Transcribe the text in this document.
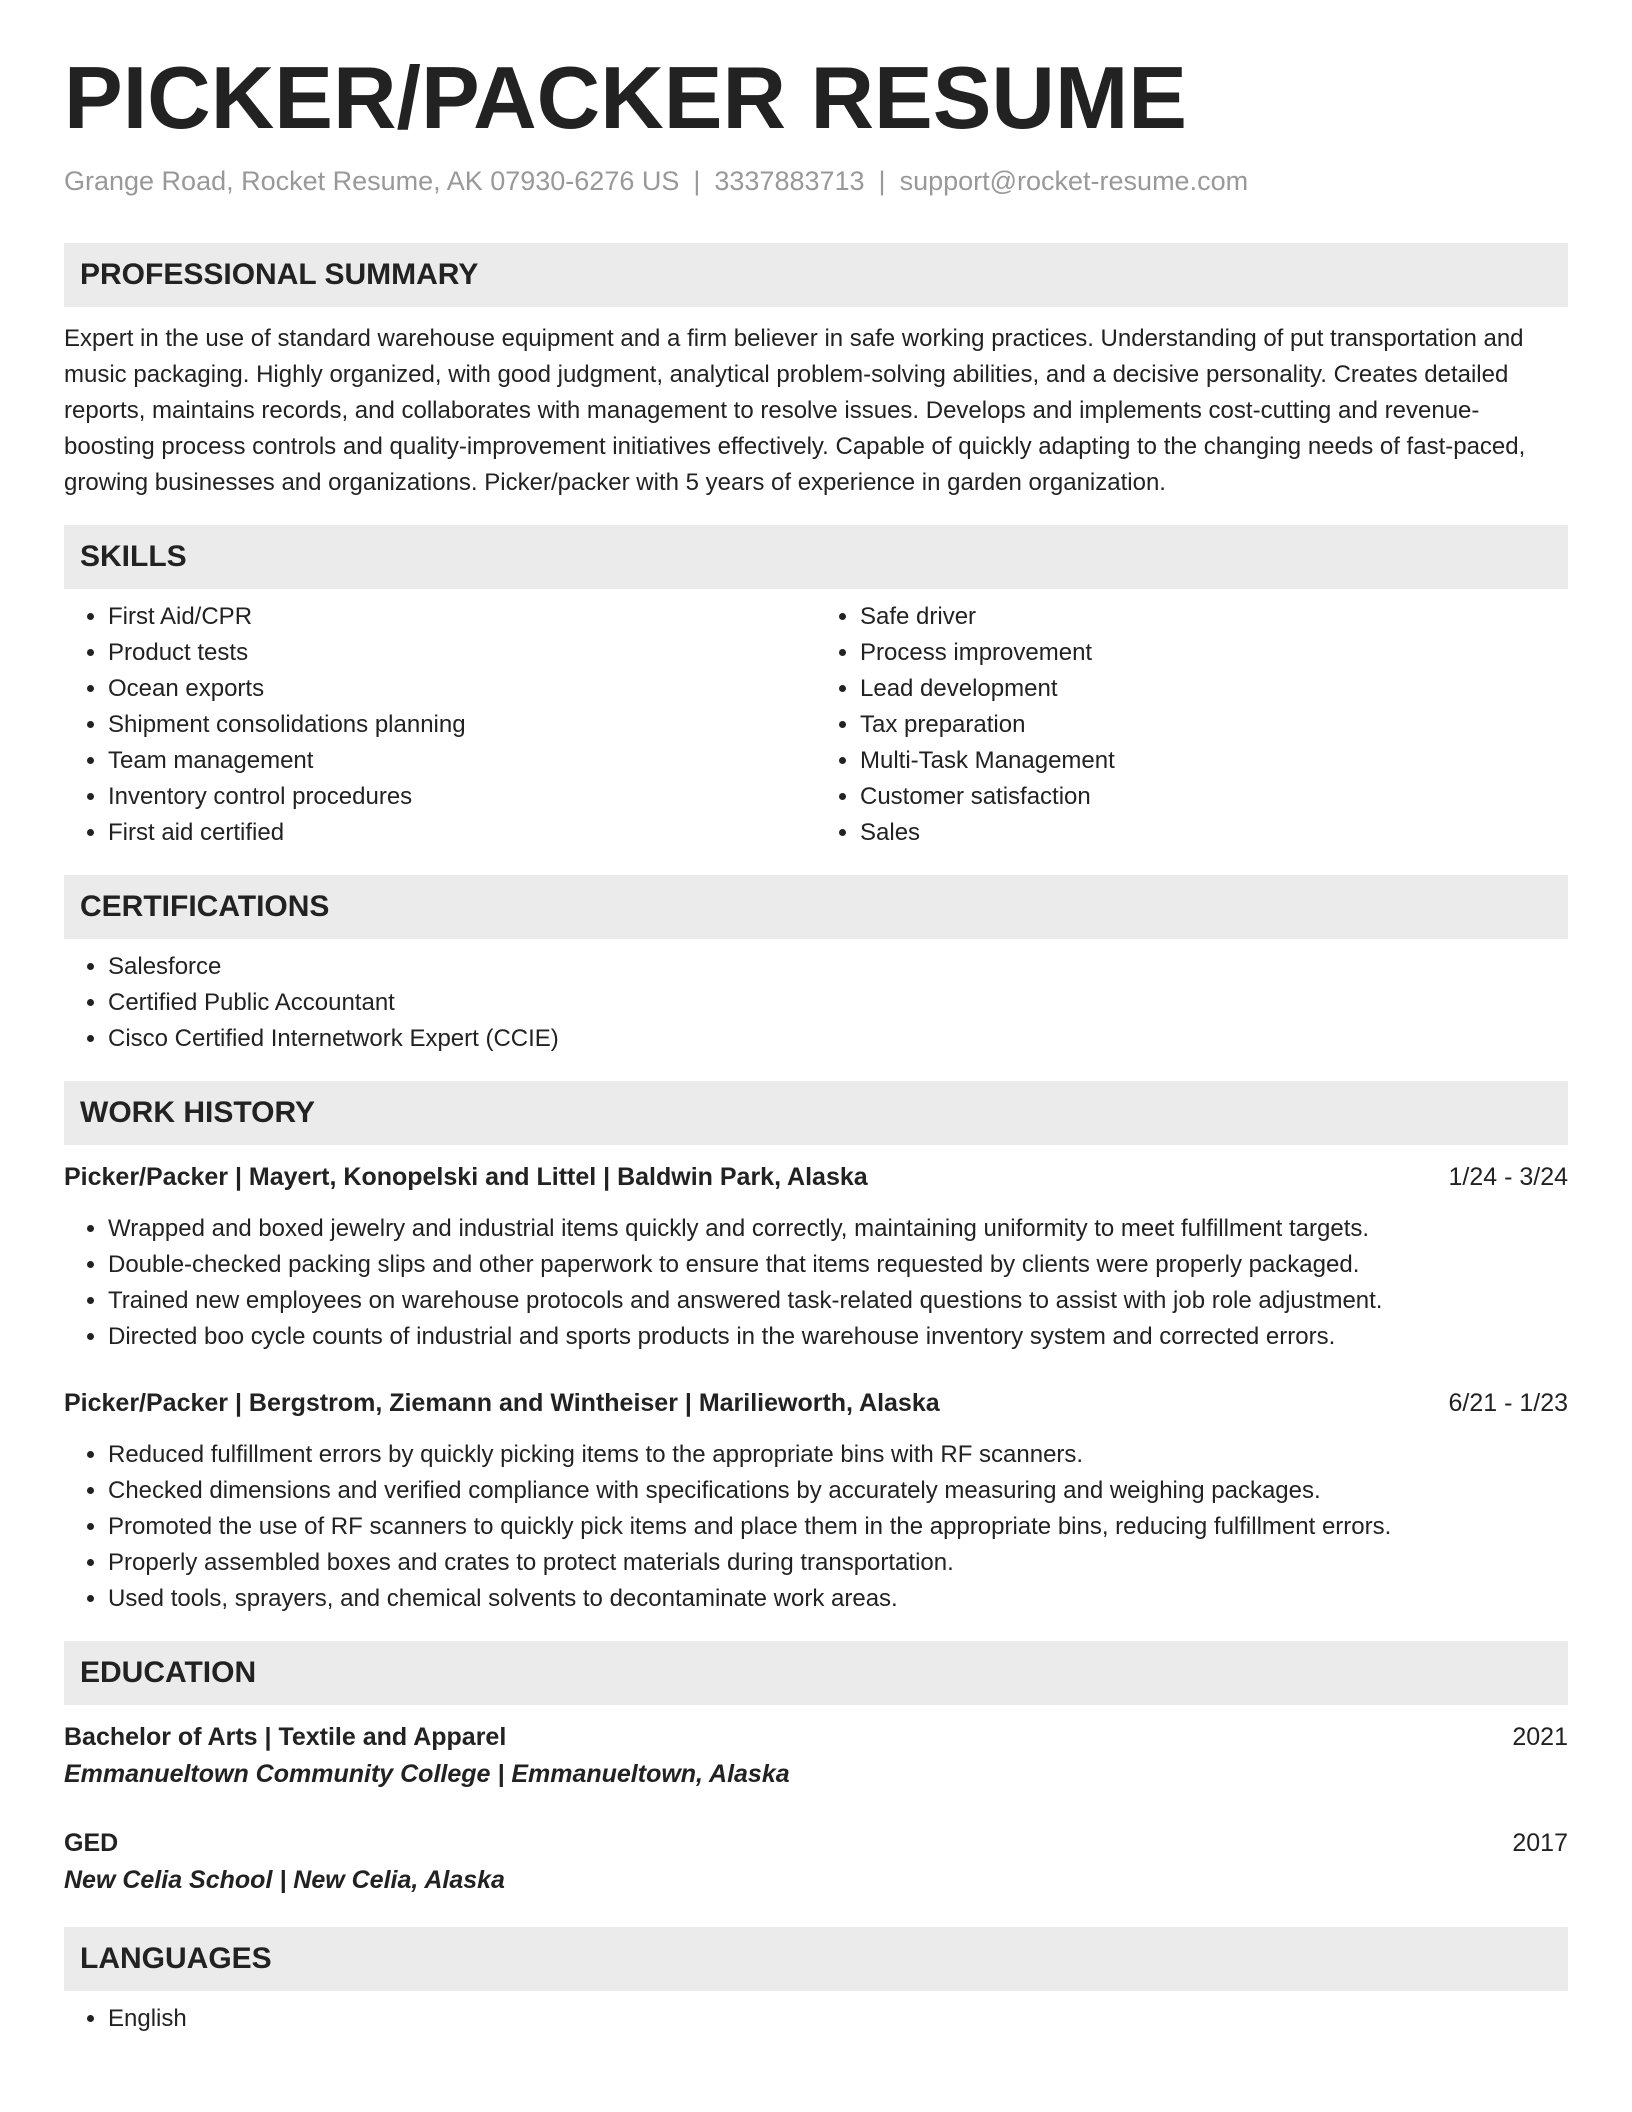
PICKER/PACKER RESUME
Grange Road, Rocket Resume, AK 07930-6276 US | 3337883713 | support@rocket-resume.com
PROFESSIONAL SUMMARY
Expert in the use of standard warehouse equipment and a firm believer in safe working practices. Understanding of put transportation and music packaging. Highly organized, with good judgment, analytical problem-solving abilities, and a decisive personality. Creates detailed reports, maintains records, and collaborates with management to resolve issues. Develops and implements cost-cutting and revenue-boosting process controls and quality-improvement initiatives effectively. Capable of quickly adapting to the changing needs of fast-paced, growing businesses and organizations. Picker/packer with 5 years of experience in garden organization.
SKILLS
• First Aid/CPR
• Product tests
• Ocean exports
• Shipment consolidations planning
• Team management
• Inventory control procedures
• First aid certified
• Safe driver
• Process improvement
• Lead development
• Tax preparation
• Multi-Task Management
• Customer satisfaction
• Sales
CERTIFICATIONS
• Salesforce
• Certified Public Accountant
• Cisco Certified Internetwork Expert (CCIE)
WORK HISTORY
Picker/Packer | Mayert, Konopelski and Littel | Baldwin Park, Alaska	1/24 - 3/24
• Wrapped and boxed jewelry and industrial items quickly and correctly, maintaining uniformity to meet fulfillment targets.
• Double-checked packing slips and other paperwork to ensure that items requested by clients were properly packaged.
• Trained new employees on warehouse protocols and answered task-related questions to assist with job role adjustment.
• Directed boo cycle counts of industrial and sports products in the warehouse inventory system and corrected errors.
Picker/Packer | Bergstrom, Ziemann and Wintheiser | Marilieworth, Alaska	6/21 - 1/23
• Reduced fulfillment errors by quickly picking items to the appropriate bins with RF scanners.
• Checked dimensions and verified compliance with specifications by accurately measuring and weighing packages.
• Promoted the use of RF scanners to quickly pick items and place them in the appropriate bins, reducing fulfillment errors.
• Properly assembled boxes and crates to protect materials during transportation.
• Used tools, sprayers, and chemical solvents to decontaminate work areas.
EDUCATION
Bachelor of Arts | Textile and Apparel	2021
Emmanueltown Community College | Emmanueltown, Alaska
GED	2017
New Celia School | New Celia, Alaska
LANGUAGES
• English
